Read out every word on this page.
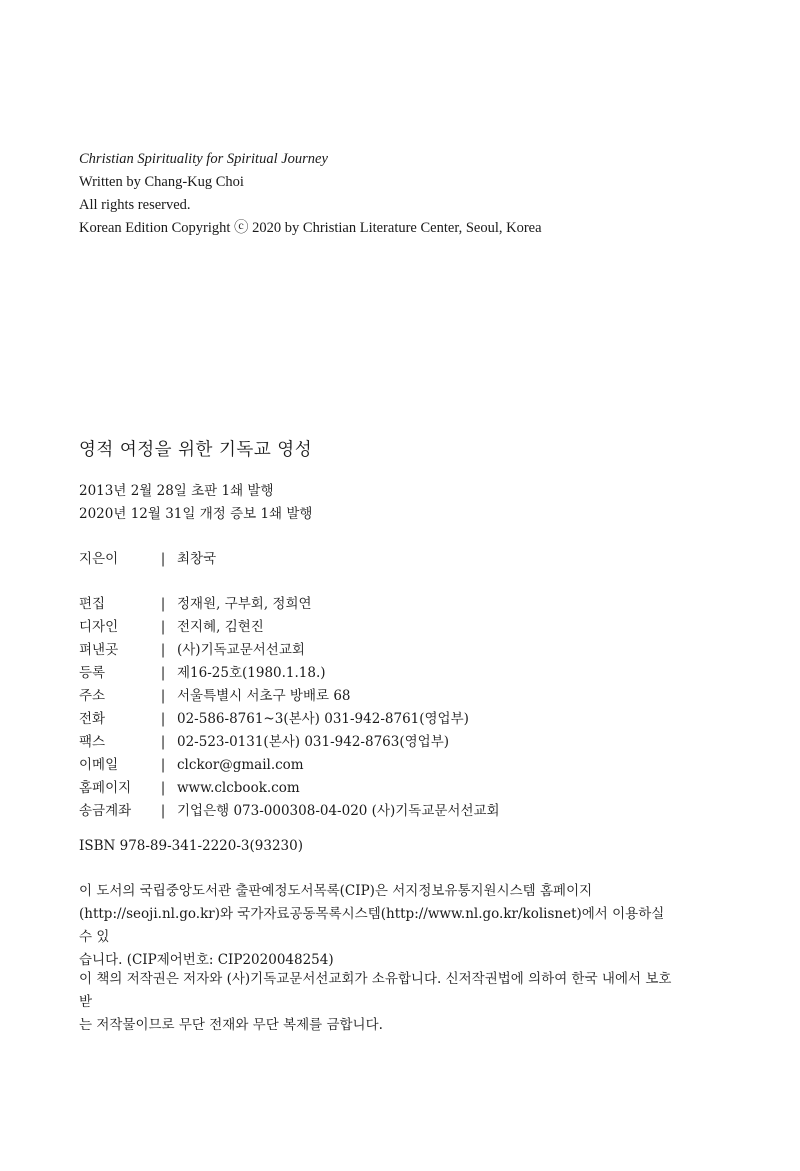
Christian Spirituality for Spiritual Journey
Written by Chang-Kug Choi
All rights reserved.
Korean Edition Copyright ⓒ 2020 by Christian Literature Center, Seoul, Korea
영적 여정을 위한 기독교 영성
2013년 2월 28일 초판 1쇄 발행
2020년 12월 31일 개정 증보 1쇄 발행
지은이	| 최창국
편집	| 정재원, 구부회, 정희연
디자인	| 전지혜, 김현진
펴낸곳	| (사)기독교문서선교회
등록	| 제16-25호(1980.1.18.)
주소	| 서울특별시 서초구 방배로 68
전화	| 02-586-8761~3(본사) 031-942-8761(영업부)
팩스	| 02-523-0131(본사) 031-942-8763(영업부)
이메일	| clckor@gmail.com
홈페이지	| www.clcbook.com
송금계좌	| 기업은행 073-000308-04-020 (사)기독교문서선교회
ISBN 978-89-341-2220-3(93230)

이 도서의 국립중앙도서관 출판예정도서목록(CIP)은 서지정보유통지원시스템 홈페이지

(http://seoji.nl.go.kr)와 국가자료공동목록시스템(http://www.nl.go.kr/kolisnet)에서 이용하실 수 있

습니다. (CIP제어번호: CIP2020048254)

이 책의 저작권은 저자와 (사)기독교문서선교회가 소유합니다. 신저작권법에 의하여 한국 내에서 보호받

는 저작물이므로 무단 전재와 무단 복제를 금합니다.
